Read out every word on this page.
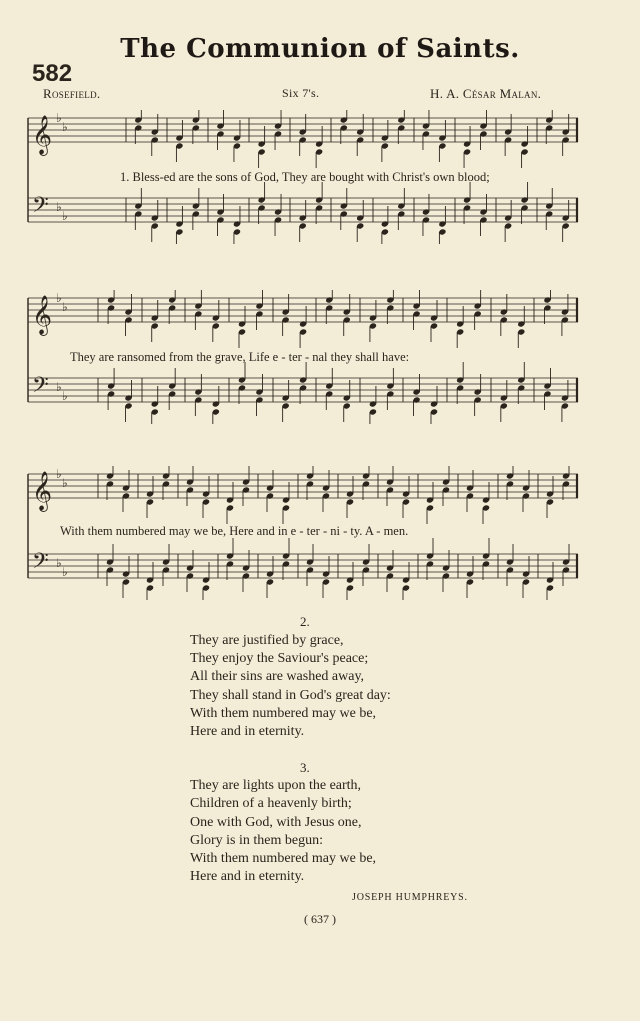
The Communion of Saints.
582
Rosefield.	Six 7's.	H. A. César Malan.
𝄞 ♭
♭
𝄢 ♭
♭
1. Bless-ed are the sons of God, They are bought with Christ's own blood;
𝄞 ♭
♭
𝄢 ♭
♭
They are ransomed from the grave, Life e - ter - nal they shall have:
𝄞 ♭
♭
𝄢 ♭
♭
With them numbered may we be, Here and in e - ter - ni - ty. A - men.
2.
They are justified by grace,
They enjoy the Saviour's peace;
All their sins are washed away,
They shall stand in God's great day:
With them numbered may we be,
Here and in eternity.
3.
They are lights upon the earth,
Children of a heavenly birth;
One with God, with Jesus one,
Glory is in them begun:
With them numbered may we be,
Here and in eternity.
JOSEPH HUMPHREYS.
( 637 )
